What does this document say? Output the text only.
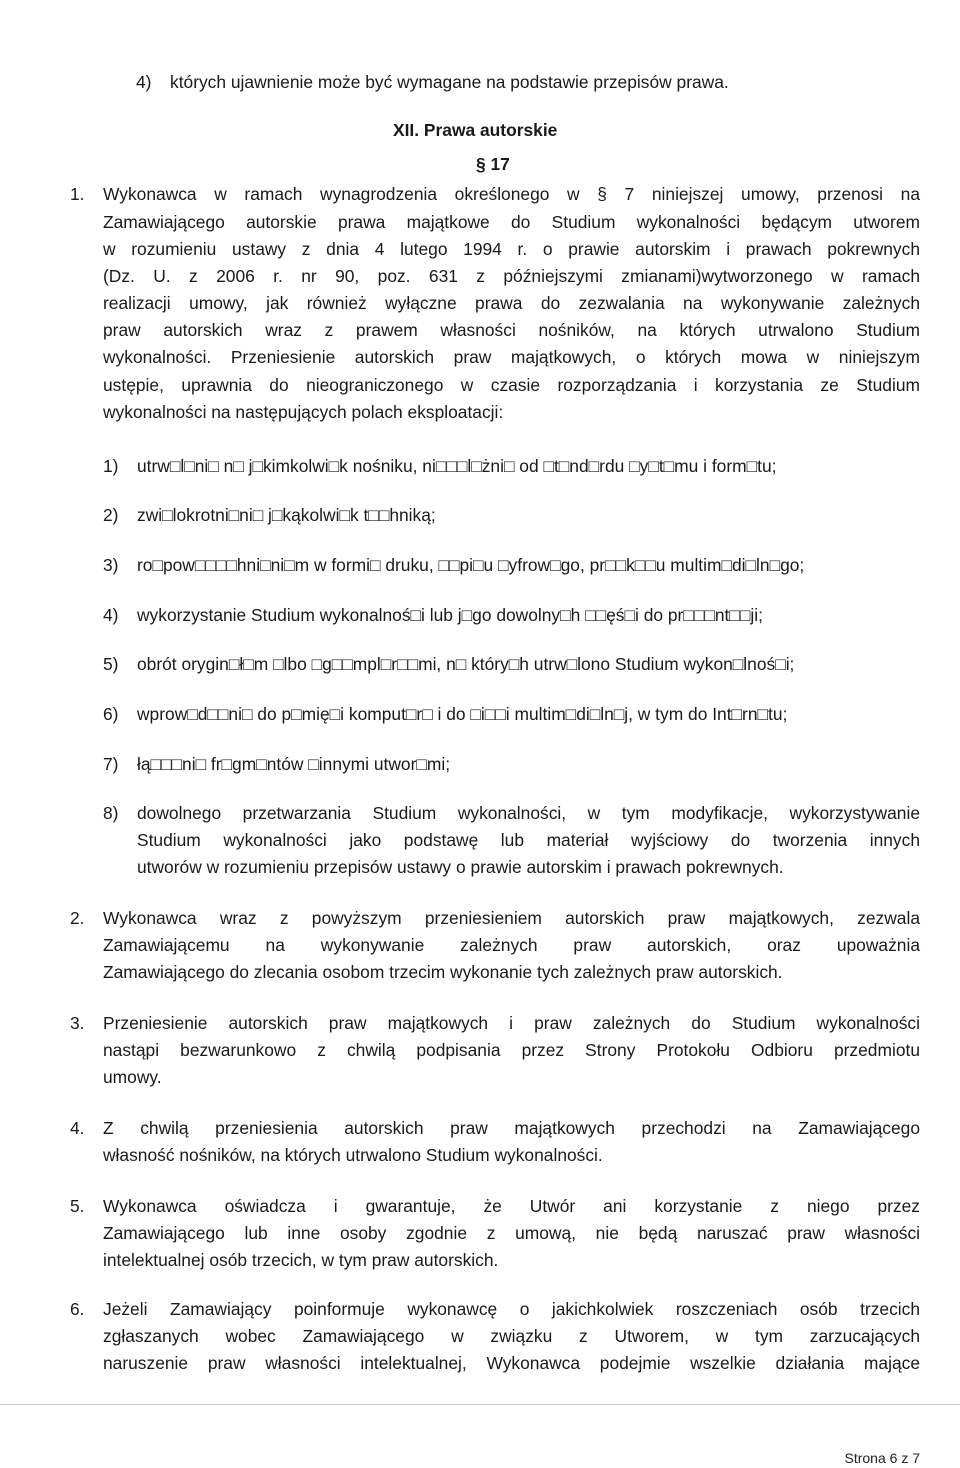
4) których ujawnienie może być wymagane na podstawie przepisów prawa.
XII. Prawa autorskie
§ 17
1. Wykonawca w ramach wynagrodzenia określonego w § 7 niniejszej umowy, przenosi na
Zamawiającego autorskie prawa majątkowe do Studium wykonalności będącym utworem
w rozumieniu ustawy z dnia 4 lutego 1994 r. o prawie autorskim i prawach pokrewnych
(Dz. U. z 2006 r. nr 90, poz. 631 z późniejszymi zmianami)wytworzonego w ramach
realizacji umowy, jak również wyłączne prawa do zezwalania na wykonywanie zależnych
praw autorskich wraz z prawem własności nośników, na których utrwalono Studium
wykonalności. Przeniesienie autorskich praw majątkowych, o których mowa w niniejszym
ustępie, uprawnia do nieograniczonego w czasie rozporządzania i korzystania ze Studium
wykonalności na następujących polach eksploatacji:
1) utrw□l□ni□ n□ j□kimkolwi□k nośniku, ni□□□l□żni□ od □t□nd□rdu □y□t□mu i form□tu;
2) zwi□lokrotni□ni□ j□kąkolwi□k t□□hniką;
3) ro□pow□□□□hni□ni□m w formi□ druku, □□pi□u □yfrow□go, pr□□k□□u multim□di□ln□go;
4) wykorzystanie Studium wykonalnoś□i lub j□go dowolny□h □□ęś□i do pr□□□nt□□ji;
5) obrót orygin□ł□m □lbo □g□□mpl□r□□mi, n□ który□h utrw□lono Studium wykon□lnoś□i;
6) wprow□d□□ni□ do p□mię□i komput□r□ i do □i□□i multim□di□ln□j, w tym do Int□rn□tu;
7) łą□□□ni□ fr□gm□ntów □innymi utwor□mi;
8) dowolnego przetwarzania Studium wykonalności, w tym modyfikacje, wykorzystywanie
Studium wykonalności jako podstawę lub materiał wyjściowy do tworzenia innych
utworów w rozumieniu przepisów ustawy o prawie autorskim i prawach pokrewnych.
2. Wykonawca wraz z powyższym przeniesieniem autorskich praw majątkowych, zezwala
Zamawiającemu na wykonywanie zależnych praw autorskich, oraz upoważnia
Zamawiającego do zlecania osobom trzecim wykonanie tych zależnych praw autorskich.
3. Przeniesienie autorskich praw majątkowych i praw zależnych do Studium wykonalności
nastąpi bezwarunkowo z chwilą podpisania przez Strony Protokołu Odbioru przedmiotu
umowy.
4. Z chwilą przeniesienia autorskich praw majątkowych przechodzi na Zamawiającego
własność nośników, na których utrwalono Studium wykonalności.
5. Wykonawca oświadcza i gwarantuje, że Utwór ani korzystanie z niego przez
Zamawiającego lub inne osoby zgodnie z umową, nie będą naruszać praw własności
intelektualnej osób trzecich, w tym praw autorskich.
6. Jeżeli Zamawiający poinformuje wykonawcę o jakichkolwiek roszczeniach osób trzecich
zgłaszanych wobec Zamawiającego w związku z Utworem, w tym zarzucających
naruszenie praw własności intelektualnej, Wykonawca podejmie wszelkie działania mające
Strona 6 z 7
